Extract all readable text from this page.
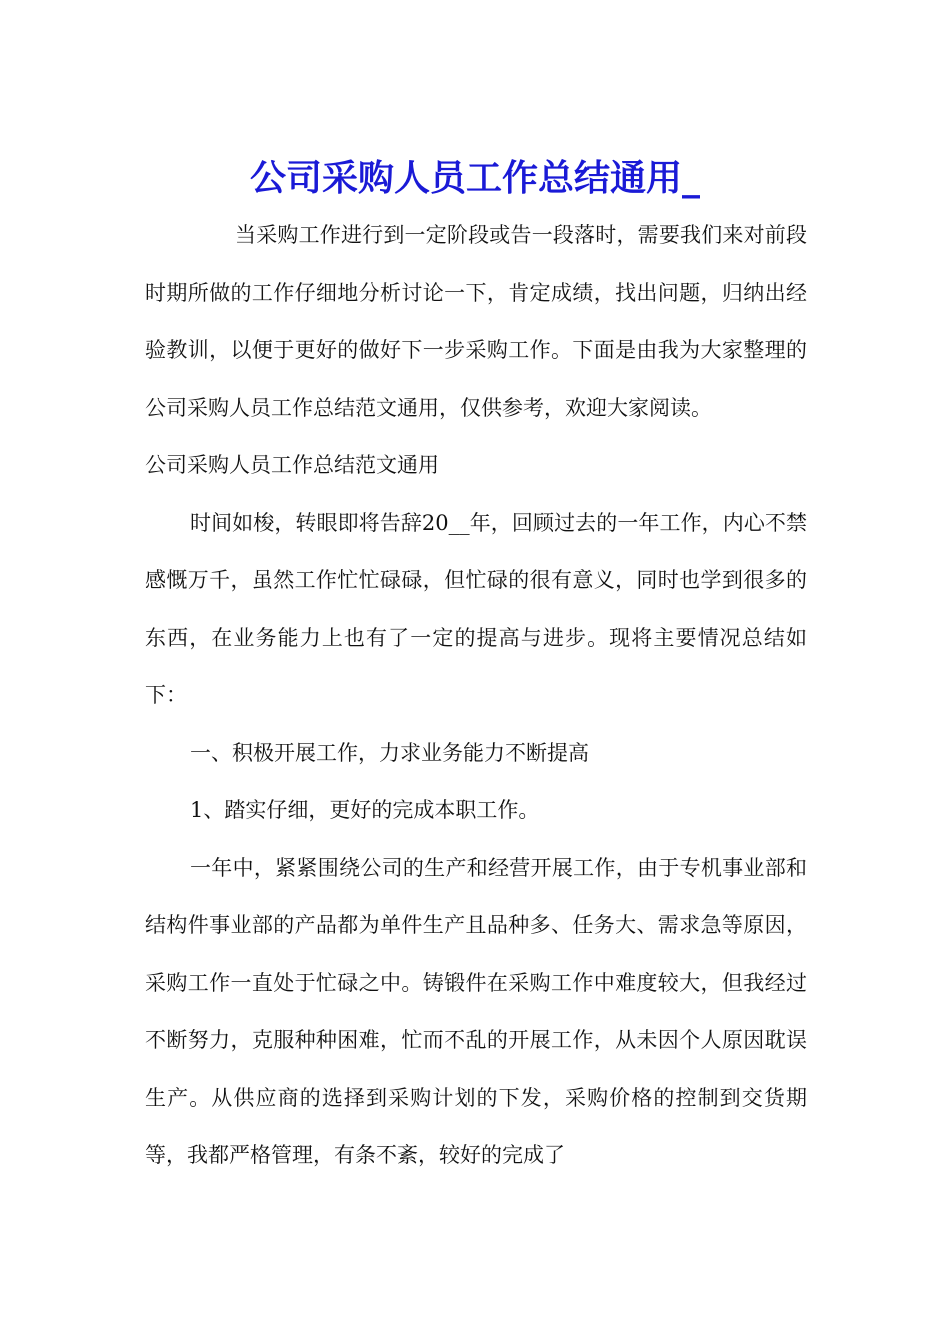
公司采购人员工作总结通用_

当采购工作进行到一定阶段或告一段落时，需要我们来对前段时期所做的工作仔细地分析讨论一下，肯定成绩，找出问题，归纳出经验教训，以便于更好的做好下一步采购工作。下面是由我为大家整理的公司采购人员工作总结范文通用，仅供参考，欢迎大家阅读。

公司采购人员工作总结范文通用

时间如梭，转眼即将告辞20__年，回顾过去的一年工作，内心不禁感慨万千，虽然工作忙忙碌碌，但忙碌的很有意义，同时也学到很多的东西，在业务能力上也有了一定的提高与进步。现将主要情况总结如下：

一、积极开展工作，力求业务能力不断提高

1、踏实仔细，更好的完成本职工作。

一年中，紧紧围绕公司的生产和经营开展工作，由于专机事业部和结构件事业部的产品都为单件生产且品种多、任务大、需求急等原因，采购工作一直处于忙碌之中。铸锻件在采购工作中难度较大，但我经过不断努力，克服种种困难，忙而不乱的开展工作，从未因个人原因耽误生产。从供应商的选择到采购计划的下发，采购价格的控制到交货期等，我都严格管理，有条不紊，较好的完成了
